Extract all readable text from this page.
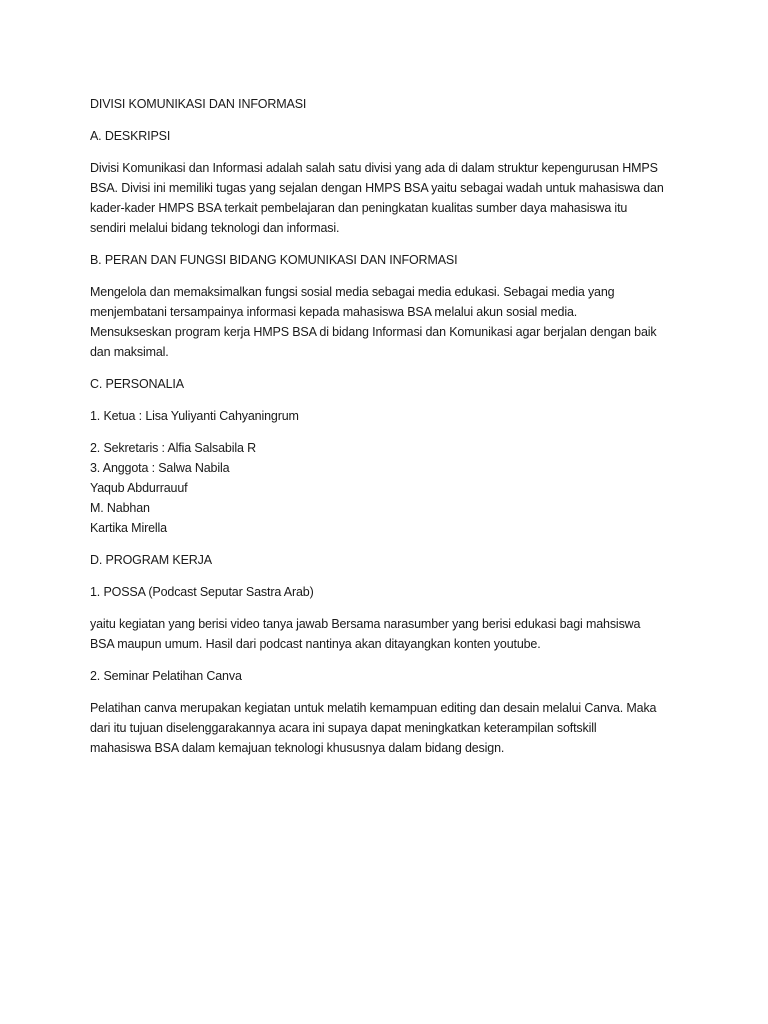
DIVISI KOMUNIKASI DAN INFORMASI
A. DESKRIPSI
Divisi Komunikasi dan Informasi adalah salah satu divisi yang ada di dalam struktur kepengurusan HMPS
BSA. Divisi ini memiliki tugas yang sejalan dengan HMPS BSA yaitu sebagai wadah untuk mahasiswa dan
kader-kader HMPS BSA terkait pembelajaran dan peningkatan kualitas sumber daya mahasiswa itu
sendiri melalui bidang teknologi dan informasi.
B. PERAN DAN FUNGSI BIDANG KOMUNIKASI DAN INFORMASI
Mengelola dan memaksimalkan fungsi sosial media sebagai media edukasi. Sebagai media yang
menjembatani tersampainya informasi kepada mahasiswa BSA melalui akun sosial media.
Mensukseskan program kerja HMPS BSA di bidang Informasi dan Komunikasi agar berjalan dengan baik
dan maksimal.
C. PERSONALIA
1. Ketua : Lisa Yuliyanti Cahyaningrum
2. Sekretaris : Alfia Salsabila R
3. Anggota : Salwa Nabila
Yaqub Abdurrauuf
M. Nabhan
Kartika Mirella
D. PROGRAM KERJA
1. POSSA (Podcast Seputar Sastra Arab)
yaitu kegiatan yang berisi video tanya jawab Bersama narasumber yang berisi edukasi bagi mahsiswa
BSA maupun umum. Hasil dari podcast nantinya akan ditayangkan konten youtube.
2. Seminar Pelatihan Canva
Pelatihan canva merupakan kegiatan untuk melatih kemampuan editing dan desain melalui Canva. Maka
dari itu tujuan diselenggarakannya acara ini supaya dapat meningkatkan keterampilan softskill
mahasiswa BSA dalam kemajuan teknologi khususnya dalam bidang design.
